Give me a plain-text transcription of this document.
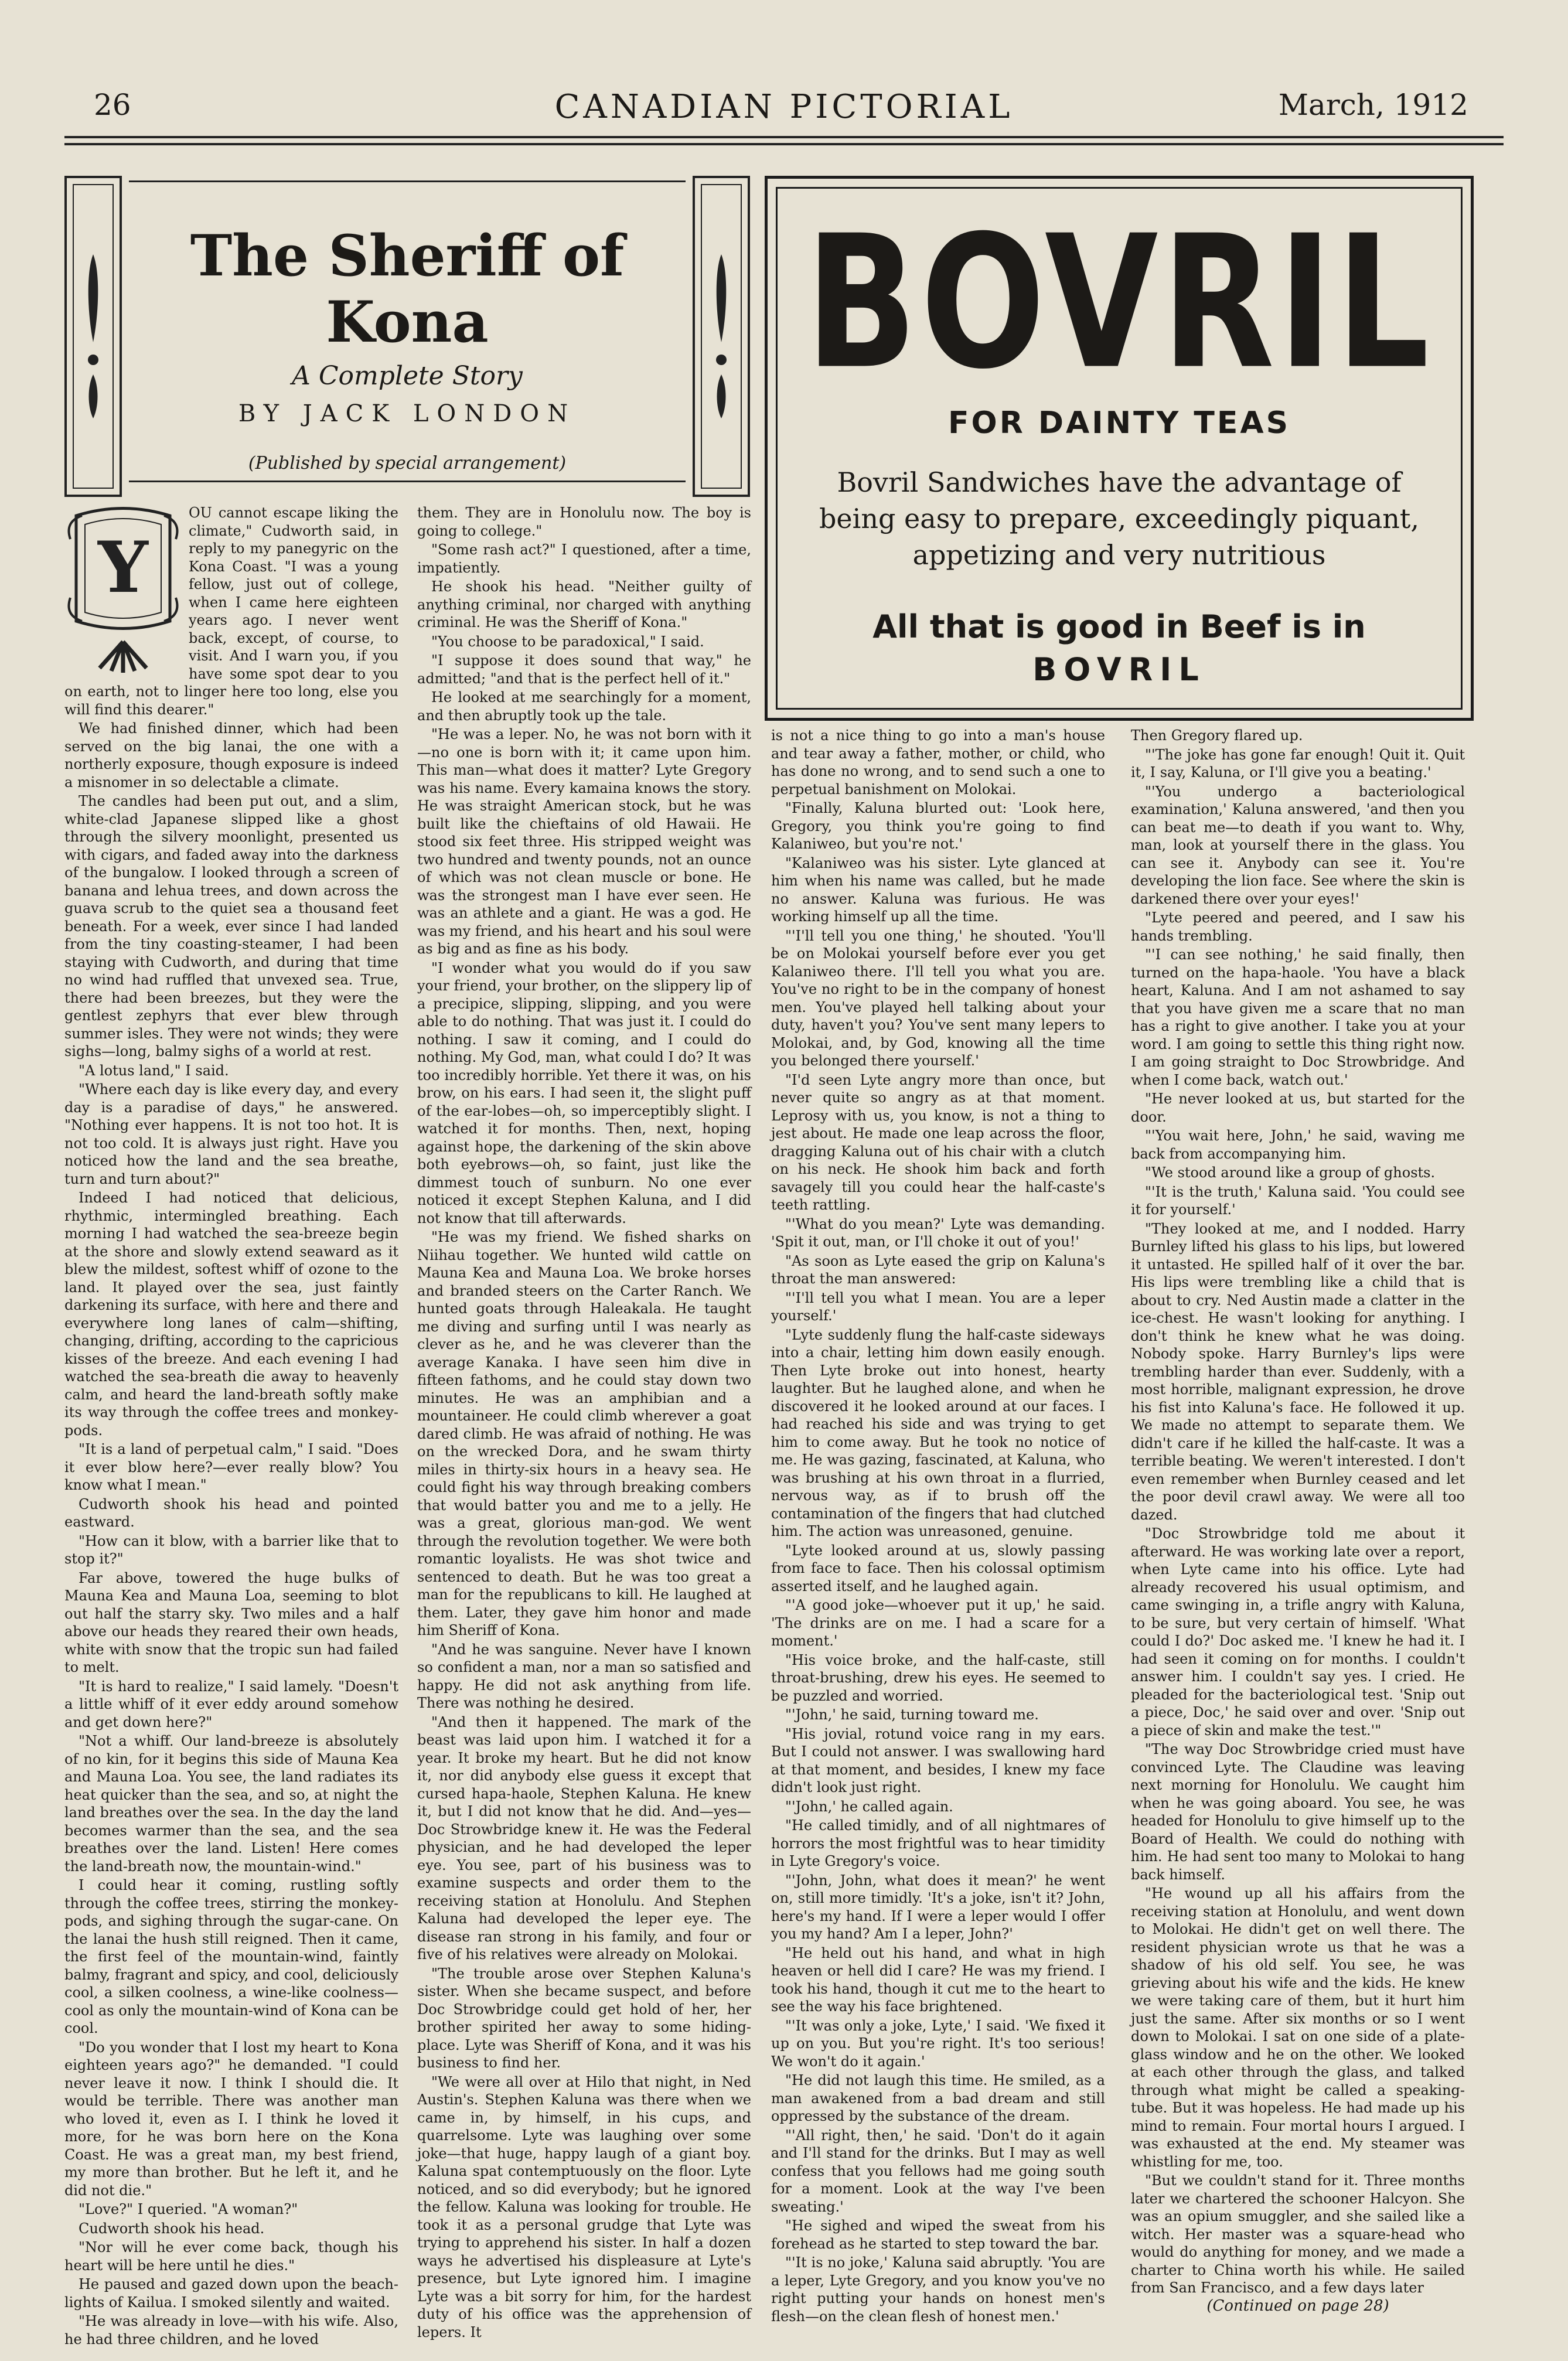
26	CANADIAN PICTORIAL	March, 1912
The Sheriff of Kona
A Complete Story
BY JACK LONDON
(Published by special arrangement)
BOVRIL
FOR DAINTY TEAS
Bovril Sandwiches have the advantage of being easy to prepare, exceedingly piquant, appetizing and very nutritious
All that is good in Beef is in
BOVRIL
Y

OU cannot escape liking the climate," Cudworth said, in reply to my panegyric on the Kona Coast. "I was a young fellow, just out of college, when I came here eighteen years ago. I never went back, except, of course, to visit. And I warn you, if you have some spot dear to you on earth, not to linger here too long, else you will find this dearer."

We had finished dinner, which had been served on the big lanai, the one with a northerly exposure, though exposure is indeed a misnomer in so delectable a climate.

The candles had been put out, and a slim, white-clad Japanese slipped like a ghost through the silvery moonlight, presented us with cigars, and faded away into the darkness of the bungalow. I looked through a screen of banana and lehua trees, and down across the guava scrub to the quiet sea a thousand feet beneath. For a week, ever since I had landed from the tiny coasting-steamer, I had been staying with Cudworth, and during that time no wind had ruffled that unvexed sea. True, there had been breezes, but they were the gentlest zephyrs that ever blew through summer isles. They were not winds; they were sighs—long, balmy sighs of a world at rest.

"A lotus land," I said.

"Where each day is like every day, and every day is a paradise of days," he answered. "Nothing ever happens. It is not too hot. It is not too cold. It is always just right. Have you noticed how the land and the sea breathe, turn and turn about?"

Indeed I had noticed that delicious, rhythmic, intermingled breathing. Each morning I had watched the sea-breeze begin at the shore and slowly extend seaward as it blew the mildest, softest whiff of ozone to the land. It played over the sea, just faintly darkening its surface, with here and there and everywhere long lanes of calm—shifting, changing, drifting, according to the capricious kisses of the breeze. And each evening I had watched the sea-breath die away to heavenly calm, and heard the land-breath softly make its way through the coffee trees and monkey-pods.

"It is a land of perpetual calm," I said. "Does it ever blow here?—ever really blow? You know what I mean."

Cudworth shook his head and pointed eastward.

"How can it blow, with a barrier like that to stop it?"

Far above, towered the huge bulks of Mauna Kea and Mauna Loa, seeming to blot out half the starry sky. Two miles and a half above our heads they reared their own heads, white with snow that the tropic sun had failed to melt.

"It is hard to realize," I said lamely. "Doesn't a little whiff of it ever eddy around somehow and get down here?"

"Not a whiff. Our land-breeze is absolutely of no kin, for it begins this side of Mauna Kea and Mauna Loa. You see, the land radiates its heat quicker than the sea, and so, at night the land breathes over the sea. In the day the land becomes warmer than the sea, and the sea breathes over the land. Listen! Here comes the land-breath now, the mountain-wind."

I could hear it coming, rustling softly through the coffee trees, stirring the monkey-pods, and sighing through the sugar-cane. On the lanai the hush still reigned. Then it came, the first feel of the mountain-wind, faintly balmy, fragrant and spicy, and cool, deliciously cool, a silken coolness, a wine-like coolness—cool as only the mountain-wind of Kona can be cool.

"Do you wonder that I lost my heart to Kona eighteen years ago?" he demanded. "I could never leave it now. I think I should die. It would be terrible. There was another man who loved it, even as I. I think he loved it more, for he was born here on the Kona Coast. He was a great man, my best friend, my more than brother. But he left it, and he did not die."

"Love?" I queried. "A woman?"

Cudworth shook his head.

"Nor will he ever come back, though his heart will be here until he dies."

He paused and gazed down upon the beach-lights of Kailua. I smoked silently and waited.

"He was already in love—with his wife. Also, he had three children, and he loved

them. They are in Honolulu now. The boy is going to college."

"Some rash act?" I questioned, after a time, impatiently.

He shook his head. "Neither guilty of anything criminal, nor charged with anything criminal. He was the Sheriff of Kona."

"You choose to be paradoxical," I said.

"I suppose it does sound that way," he admitted; "and that is the perfect hell of it."

He looked at me searchingly for a moment, and then abruptly took up the tale.

"He was a leper. No, he was not born with it—no one is born with it; it came upon him. This man—what does it matter? Lyte Gregory was his name. Every kamaina knows the story. He was straight American stock, but he was built like the chieftains of old Hawaii. He stood six feet three. His stripped weight was two hundred and twenty pounds, not an ounce of which was not clean muscle or bone. He was the strongest man I have ever seen. He was an athlete and a giant. He was a god. He was my friend, and his heart and his soul were as big and as fine as his body.

"I wonder what you would do if you saw your friend, your brother, on the slippery lip of a precipice, slipping, slipping, and you were able to do nothing. That was just it. I could do nothing. I saw it coming, and I could do nothing. My God, man, what could I do? It was too incredibly horrible. Yet there it was, on his brow, on his ears. I had seen it, the slight puff of the ear-lobes—oh, so imperceptibly slight. I watched it for months. Then, next, hoping against hope, the darkening of the skin above both eyebrows—oh, so faint, just like the dimmest touch of sunburn. No one ever noticed it except Stephen Kaluna, and I did not know that till afterwards.

"He was my friend. We fished sharks on Niihau together. We hunted wild cattle on Mauna Kea and Mauna Loa. We broke horses and branded steers on the Carter Ranch. We hunted goats through Haleakala. He taught me diving and surfing until I was nearly as clever as he, and he was cleverer than the average Kanaka. I have seen him dive in fifteen fathoms, and he could stay down two minutes. He was an amphibian and a mountaineer. He could climb wherever a goat dared climb. He was afraid of nothing. He was on the wrecked Dora, and he swam thirty miles in thirty-six hours in a heavy sea. He could fight his way through breaking combers that would batter you and me to a jelly. He was a great, glorious man-god. We went through the revolution together. We were both romantic loyalists. He was shot twice and sentenced to death. But he was too great a man for the republicans to kill. He laughed at them. Later, they gave him honor and made him Sheriff of Kona.

"And he was sanguine. Never have I known so confident a man, nor a man so satisfied and happy. He did not ask anything from life. There was nothing he desired.

"And then it happened. The mark of the beast was laid upon him. I watched it for a year. It broke my heart. But he did not know it, nor did anybody else guess it except that cursed hapa-haole, Stephen Kaluna. He knew it, but I did not know that he did. And—yes—Doc Strowbridge knew it. He was the Federal physician, and he had developed the leper eye. You see, part of his business was to examine suspects and order them to the receiving station at Honolulu. And Stephen Kaluna had developed the leper eye. The disease ran strong in his family, and four or five of his relatives were already on Molokai.

"The trouble arose over Stephen Kaluna's sister. When she became suspect, and before Doc Strowbridge could get hold of her, her brother spirited her away to some hiding-place. Lyte was Sheriff of Kona, and it was his business to find her.

"We were all over at Hilo that night, in Ned Austin's. Stephen Kaluna was there when we came in, by himself, in his cups, and quarrelsome. Lyte was laughing over some joke—that huge, happy laugh of a giant boy. Kaluna spat contemptuously on the floor. Lyte noticed, and so did everybody; but he ignored the fellow. Kaluna was looking for trouble. He took it as a personal grudge that Lyte was trying to apprehend his sister. In half a dozen ways he advertised his displeasure at Lyte's presence, but Lyte ignored him. I imagine Lyte was a bit sorry for him, for the hardest duty of his office was the apprehension of lepers. It

is not a nice thing to go into a man's house and tear away a father, mother, or child, who has done no wrong, and to send such a one to perpetual banishment on Molokai.

"Finally, Kaluna blurted out: 'Look here, Gregory, you think you're going to find Kalaniweo, but you're not.'

"Kalaniweo was his sister. Lyte glanced at him when his name was called, but he made no answer. Kaluna was furious. He was working himself up all the time.

"'I'll tell you one thing,' he shouted. 'You'll be on Molokai yourself before ever you get Kalaniweo there. I'll tell you what you are. You've no right to be in the company of honest men. You've played hell talking about your duty, haven't you? You've sent many lepers to Molokai, and, by God, knowing all the time you belonged there yourself.'

"I'd seen Lyte angry more than once, but never quite so angry as at that moment. Leprosy with us, you know, is not a thing to jest about. He made one leap across the floor, dragging Kaluna out of his chair with a clutch on his neck. He shook him back and forth savagely till you could hear the half-caste's teeth rattling.

"'What do you mean?' Lyte was demanding. 'Spit it out, man, or I'll choke it out of you!'

"As soon as Lyte eased the grip on Kaluna's throat the man answered:

"'I'll tell you what I mean. You are a leper yourself.'

"Lyte suddenly flung the half-caste sideways into a chair, letting him down easily enough. Then Lyte broke out into honest, hearty laughter. But he laughed alone, and when he discovered it he looked around at our faces. I had reached his side and was trying to get him to come away. But he took no notice of me. He was gazing, fascinated, at Kaluna, who was brushing at his own throat in a flurried, nervous way, as if to brush off the contamination of the fingers that had clutched him. The action was unreasoned, genuine.

"Lyte looked around at us, slowly passing from face to face. Then his colossal optimism asserted itself, and he laughed again.

"'A good joke—whoever put it up,' he said. 'The drinks are on me. I had a scare for a moment.'

"His voice broke, and the half-caste, still throat-brushing, drew his eyes. He seemed to be puzzled and worried.

"'John,' he said, turning toward me.

"His jovial, rotund voice rang in my ears. But I could not answer. I was swallowing hard at that moment, and besides, I knew my face didn't look just right.

"'John,' he called again.

"He called timidly, and of all nightmares of horrors the most frightful was to hear timidity in Lyte Gregory's voice.

"'John, John, what does it mean?' he went on, still more timidly. 'It's a joke, isn't it? John, here's my hand. If I were a leper would I offer you my hand? Am I a leper, John?'

"He held out his hand, and what in high heaven or hell did I care? He was my friend. I took his hand, though it cut me to the heart to see the way his face brightened.

"'It was only a joke, Lyte,' I said. 'We fixed it up on you. But you're right. It's too serious! We won't do it again.'

"He did not laugh this time. He smiled, as a man awakened from a bad dream and still oppressed by the substance of the dream.

"'All right, then,' he said. 'Don't do it again and I'll stand for the drinks. But I may as well confess that you fellows had me going south for a moment. Look at the way I've been sweating.'

"He sighed and wiped the sweat from his forehead as he started to step toward the bar.

"'It is no joke,' Kaluna said abruptly. 'You are a leper, Lyte Gregory, and you know you've no right putting your hands on honest men's flesh—on the clean flesh of honest men.'

Then Gregory flared up.

"'The joke has gone far enough! Quit it. Quit it, I say, Kaluna, or I'll give you a beating.'

"'You undergo a bacteriological examination,' Kaluna answered, 'and then you can beat me—to death if you want to. Why, man, look at yourself there in the glass. You can see it. Anybody can see it. You're developing the lion face. See where the skin is darkened there over your eyes!'

"Lyte peered and peered, and I saw his hands trembling.

"'I can see nothing,' he said finally, then turned on the hapa-haole. 'You have a black heart, Kaluna. And I am not ashamed to say that you have given me a scare that no man has a right to give another. I take you at your word. I am going to settle this thing right now. I am going straight to Doc Strowbridge. And when I come back, watch out.'

"He never looked at us, but started for the door.

"'You wait here, John,' he said, waving me back from accompanying him.

"We stood around like a group of ghosts.

"'It is the truth,' Kaluna said. 'You could see it for yourself.'

"They looked at me, and I nodded. Harry Burnley lifted his glass to his lips, but lowered it untasted. He spilled half of it over the bar. His lips were trembling like a child that is about to cry. Ned Austin made a clatter in the ice-chest. He wasn't looking for anything. I don't think he knew what he was doing. Nobody spoke. Harry Burnley's lips were trembling harder than ever. Suddenly, with a most horrible, malignant expression, he drove his fist into Kaluna's face. He followed it up. We made no attempt to separate them. We didn't care if he killed the half-caste. It was a terrible beating. We weren't interested. I don't even remember when Burnley ceased and let the poor devil crawl away. We were all too dazed.

"Doc Strowbridge told me about it afterward. He was working late over a report, when Lyte came into his office. Lyte had already recovered his usual optimism, and came swinging in, a trifle angry with Kaluna, to be sure, but very certain of himself. 'What could I do?' Doc asked me. 'I knew he had it. I had seen it coming on for months. I couldn't answer him. I couldn't say yes. I cried. He pleaded for the bacteriological test. 'Snip out a piece, Doc,' he said over and over. 'Snip out a piece of skin and make the test.'"

"The way Doc Strowbridge cried must have convinced Lyte. The Claudine was leaving next morning for Honolulu. We caught him when he was going aboard. You see, he was headed for Honolulu to give himself up to the Board of Health. We could do nothing with him. He had sent too many to Molokai to hang back himself.

"He wound up all his affairs from the receiving station at Honolulu, and went down to Molokai. He didn't get on well there. The resident physician wrote us that he was a shadow of his old self. You see, he was grieving about his wife and the kids. He knew we were taking care of them, but it hurt him just the same. After six months or so I went down to Molokai. I sat on one side of a plate-glass window and he on the other. We looked at each other through the glass, and talked through what might be called a speaking-tube. But it was hopeless. He had made up his mind to remain. Four mortal hours I argued. I was exhausted at the end. My steamer was whistling for me, too.

"But we couldn't stand for it. Three months later we chartered the schooner Halcyon. She was an opium smuggler, and she sailed like a witch. Her master was a square-head who would do anything for money, and we made a charter to China worth his while. He sailed from San Francisco, and a few days later

(Continued on page 28)
